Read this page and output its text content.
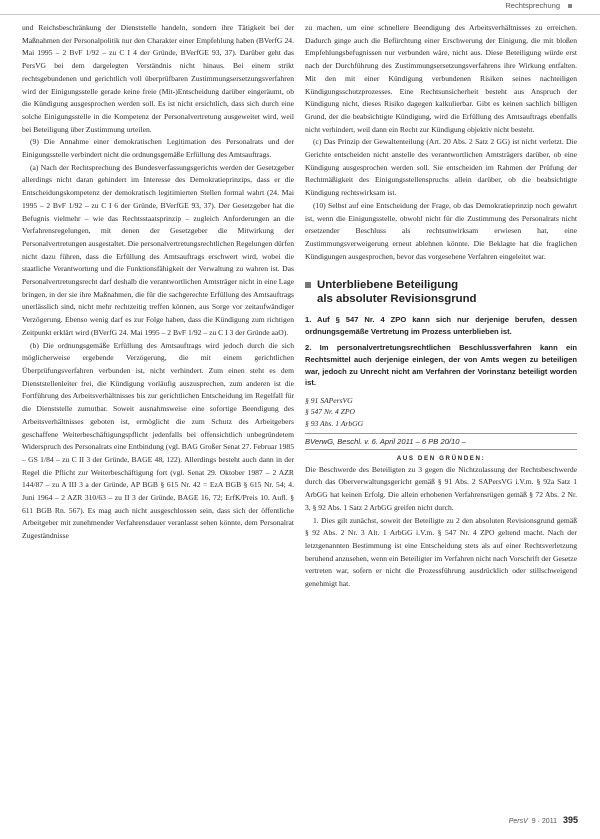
Rechtsprechung

und Reichsbeschränkung der Dienststelle handeln, sondern ihre Tätigkeit bei der Maßnahmen der Personalpolitik nur den Charakter einer Empfehlung haben (BVerfG 24. Mai 1995 – 2 BvF 1/92 – zu C I 4 der Gründe, BVerfGE 93, 37). Darüber geht das PersVG bei dem dargelegten Verständnis nicht hinaus. Bei einem strikt rechtsgebundenen und gerichtlich voll überprüfbaren Zustimmungsersetzungsverfahren wird der Einigungsstelle gerade keine freie (Mit-)Entscheidung darüber eingeräumt, ob die Kündigung ausgesprochen werden soll. Es ist nicht ersichtlich, dass sich durch eine solche Einigungsstelle in die Kompetenz der Personalvertretung ausgeweitet wird, weil bei Beteiligung über Zustimmung urteilen.

(9) Die Annahme einer demokratischen Legitimation des Personalrats und der Einigungsstelle verbindert nicht die ordnungsgemäße Erfüllung des Amtsauftrags.

(a) Nach der Rechtsprechung des Bundesverfassungsgerichts werden der Gesetzgeber allerdings nicht daran gehindert im Interesse des Demokratieprinzips, dass er die Entscheidungskompetenz der demokratisch legitimierten Stellen formal wahrt (24. Mai 1995 – 2 BvF 1/92 – zu C I 6 der Gründe, BVerfGE 93, 37). Der Gesetzgeber hat die Befugnis vielmehr – wie das Rechtsstaatsprinzip – zugleich Anforderungen an die Verfahrensregelungen, mit denen der Gesetzgeber die Mitwirkung der Personalvertretungen ausgestaltet. Die personalvertretungsrechtlichen Regelungen dürfen nicht dazu führen, dass die Erfüllung des Amtsauftrags erschwert wird, wobei die staatliche Verantwortung und die Funktionsfähigkeit der Verwaltung zu wahren ist. Das Personalvertretungsrecht darf deshalb die verantwortlichen Amtsträger nicht in eine Lage bringen, in der sie ihre Maßnahmen, die für die sachgerechte Erfüllung des Amtsauftrags unerlässlich sind, nicht mehr rechtzeitig treffen können, aus Sorge vor zeitaufwändiger Verzögerung. Ebenso wenig darf es zur Folge haben, dass die Kündigung zum richtigen Zeitpunkt erklärt wird (BVerfG 24. Mai 1995 – 2 BvF 1/92 – zu C I 3 der Gründe aaO).

(b) Die ordnungsgemäße Erfüllung des Amtsauftrags wird jedoch durch die sich möglicherweise ergebende Verzögerung, die mit einem gerichtlichen Überprüfungsverfahren verbunden ist, nicht verhindert. Zum einen steht es dem Dienststellenleiter frei, die Kündigung vorläufig auszusprechen, zum anderen ist die Fortführung des Arbeitsverhältnisses bis zur gerichtlichen Entscheidung im Regelfall für die Dienststelle zumutbar. Soweit ausnahmsweise eine sofortige Beendigung des Arbeitsverhältnisses geboten ist, ermöglicht die zum Schutz des Arbeitgebers geschaffene Weiterbeschäftigungspflicht jedenfalls bei offensichtlich unbegründetem Widerspruch des Personalrats eine Entbindung (vgl. BAG Großer Senat 27. Februar 1985 – GS 1/84 – zu C II 3 der Gründe, BAGE 48, 122). Allerdings besteht auch dann in der Regel die Pflicht zur Weiterbeschäftigung fort (vgl. Senat 29. Oktober 1987 – 2 AZR 144/87 – zu A III 3 a der Gründe, AP BGB § 615 Nr. 42 = EzA BGB § 615 Nr. 54; 4. Juni 1964 – 2 AZR 310/63 – zu II 3 der Gründe, BAGE 16, 72; ErfK/Preis 10. Aufl. § 611 BGB Rn. 567). Es mag auch nicht ausgeschlossen sein, dass sich der öffentliche Arbeitgeber mit zunehmender Verfahrensdauer veranlasst sehen könnte, dem Personalrat Zugeständnisse

zu machen, um eine schnellere Beendigung des Arbeitsverhältnisses zu erreichen. Dadurch ginge auch die Befürchtung einer Erschwerung der Einigung, die mit bloßen Empfehlungsbefugnissen nur verbunden wäre, nicht aus. Diese Beteiligung würde erst nach der Durchführung des Zustimmungsersetzungsverfahrens ihre Wirkung entfalten. Mit den mit einer Kündigung verbundenen Risiken seines nachteiligen Kündigungsschutzprozesses. Eine Rechtsunsicherheit besteht aus Anspruch der Kündigung nicht, dieses Risiko dagegen kalkulierbar. Gibt es keinen sachlich billigen Grund, der die beabsichtigte Kündigung, wird die Erfüllung des Amtsauftrags ebenfalls nicht verhindert, weil dann ein Recht zur Kündigung objektiv nicht besteht.

(c) Das Prinzip der Gewaltenteilung (Art. 20 Abs. 2 Satz 2 GG) ist nicht verletzt. Die Gerichte entscheiden nicht anstelle des verantwortlichen Amtsträgers darüber, ob eine Kündigung ausgesprochen werden soll. Sie entscheiden im Rahmen der Prüfung der Rechtmäßigkeit des Einigungsstellenspruchs allein darüber, ob die beabsichtigte Kündigung rechtswirksam ist.

(10) Selbst auf eine Entscheidung der Frage, ob das Demokratieprinzip noch gewahrt ist, wenn die Einigungsstelle, obwohl nicht für die Zustimmung des Personalrats nicht ersetzender Beschluss als rechtsunwirksam erwiesen hat, eine Zustimmungsverweigerung erneut ablehnen könnte. Die Beklagte hat die fraglichen Kündigungen ausgesprochen, bevor das vorgesehene Verfahren eingeleitet war.

Unterbliebene Beteiligung
als absoluter Revisionsgrund

1. Auf § 547 Nr. 4 ZPO kann sich nur derjenige berufen, dessen ordnungsgemäße Vertretung im Prozess unterblieben ist.

2. Im personalvertretungsrechtlichen Beschlussverfahren kann ein Rechtsmittel auch derjenige einlegen, der von Amts wegen zu beteiligen war, jedoch zu Unrecht nicht am Verfahren der Vorinstanz beteiligt worden ist.

§ 91 SAPersVG
§ 547 Nr. 4 ZPO
§ 93 Abs. 1 ArbGG
BVerwG, Beschl. v. 6. April 2011 – 6 PB 20/10 –
AUS DEN GRÜNDEN:

Die Beschwerde des Beteiligten zu 3 gegen die Nichtzulassung der Rechtsbeschwerde durch das Oberverwaltungsgericht gemäß § 91 Abs. 2 SAPersVG i.V.m. § 92a Satz 1 ArbGG hat keinen Erfolg. Die allein erhobenen Verfahrensrügen gemäß § 72 Abs. 2 Nr. 3, § 92 Abs. 1 Satz 2 ArbGG greifen nicht durch.

1. Dies gilt zunächst, soweit der Beteiligte zu 2 den absoluten Revisionsgrund gemäß § 92 Abs. 2 Nr. 3 Alt. 1 ArbGG i.V.m. § 547 Nr. 4 ZPO geltend macht. Nach der letztgenannten Bestimmung ist eine Entscheidung stets als auf einer Rechtsverletzung beruhend anzusehen, wenn ein Beteiligter im Verfahren nicht nach Vorschrift der Gesetze vertreten war, sofern er nicht die Prozessführung ausdrücklich oder stillschweigend genehmigt hat.

PersV 9 · 2011 395
